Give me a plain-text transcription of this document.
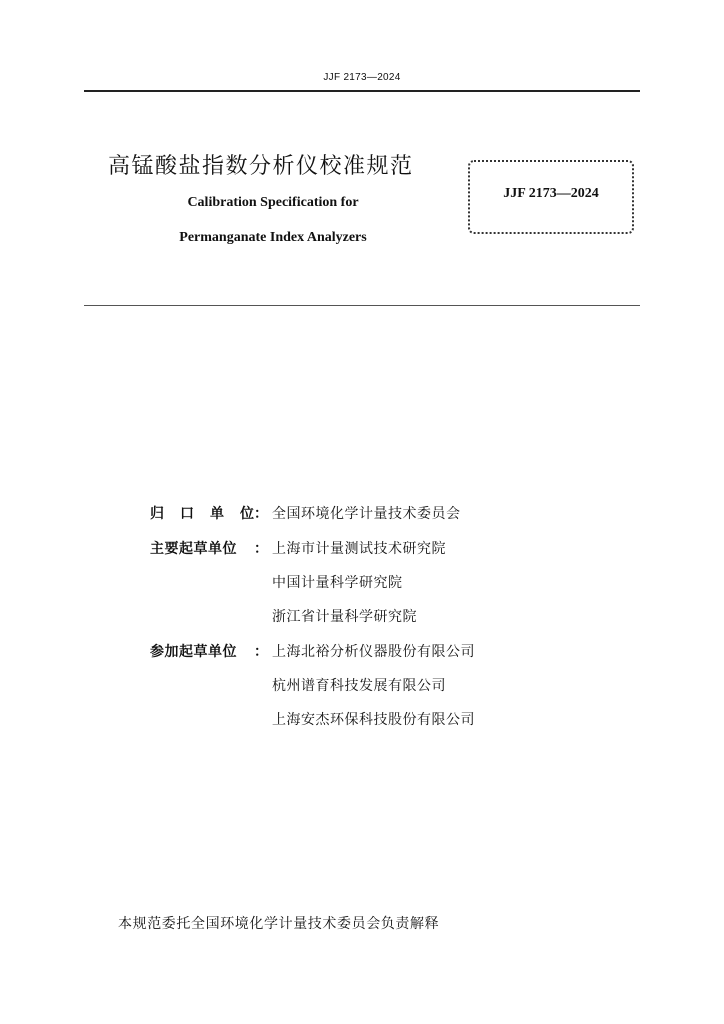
JJF 2173—2024
高锰酸盐指数分析仪校准规范
Calibration Specification for
Permanganate Index Analyzers
JJF 2173—2024
归 口 单 位 ： 全国环境化学计量技术委员会
主要起草单位	： 上海市计量测试技术研究院
中国计量科学研究院
浙江省计量科学研究院
参加起草单位	： 上海北裕分析仪器股份有限公司
杭州谱育科技发展有限公司
上海安杰环保科技股份有限公司
本规范委托全国环境化学计量技术委员会负责解释
